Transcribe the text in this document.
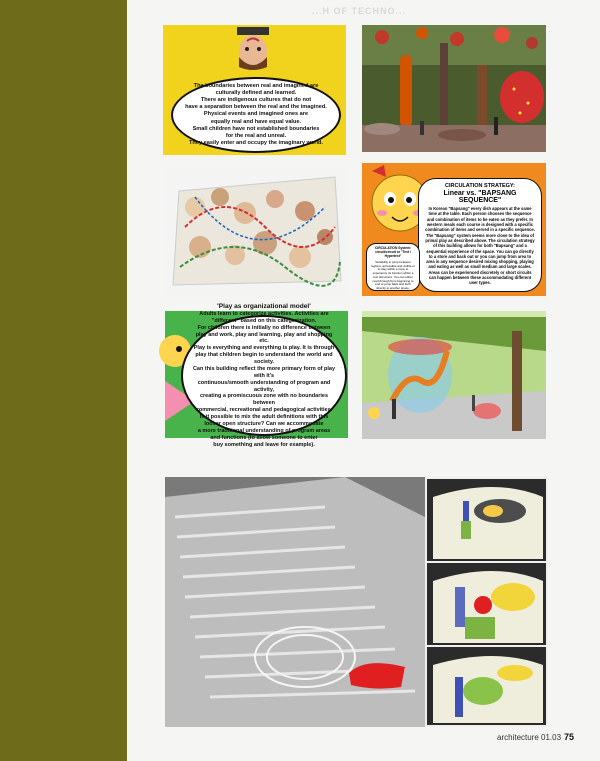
...H OF TECHNO...
The boundaries between real and imagined are
culturally defined and learned.
There are indigenous cultures that do not
have a separation between the real and the imagined.
Physical events and imagined ones are
equally real and have equal value.
Small children have not established boundaries
for the real and unreal.
They easily enter and occupy the imaginary world.
CIRCULATION STRATEGY:
Linear vs. "BAPSANG SEQUENCE"
In Korean "Bapsang" every dish appears at the same time at the table. Each person chooses the sequence and combination of items to be eaten as they prefer. In western meals each course is designed with a specific combination of items and served in a specific sequence. The "Bapsang" system seems more close to the idea of primal play as described above. The circulation strategy of this building allows for both "Bapsang" and a sequential experience of the space. You can go directly to a store and back out or you can jump from area to area in any sequence desired mixing shopping, playing and eating as well as small medium and large scales. Areas can be experienced discretely or short circuits can happen between these accommodating different user types.
CIRCULATION System: circuit/circuit or "Text / Hypertext"
Variability in jump between regions, accessible and visible or to stay within a zone to experience its function within a text document. You can either read through from beginning to end or jump back and forth directly to another space.
'Play as organizational model'
Adults learn to categorize activities. Activities are
"different" based on this categorization.
For children there is initially no difference between
play and work, play and learning, play and shopping etc.
Play is everything and everything is play. It is through
play that children begin to understand the world and society.
Can this building reflect the more primary form of play with it's
continuous/smooth understanding of program and activity,
creating a promiscuous zone with no boundaries between
commercial, recreational and pedagogical activities.
Is it possible to mix the adult definitions with this
looser open structure? Can we accommodate
a more traditional understanding of program areas
and functions (to allow someone to enter
buy something and leave for example).
architecture 01.03 75
